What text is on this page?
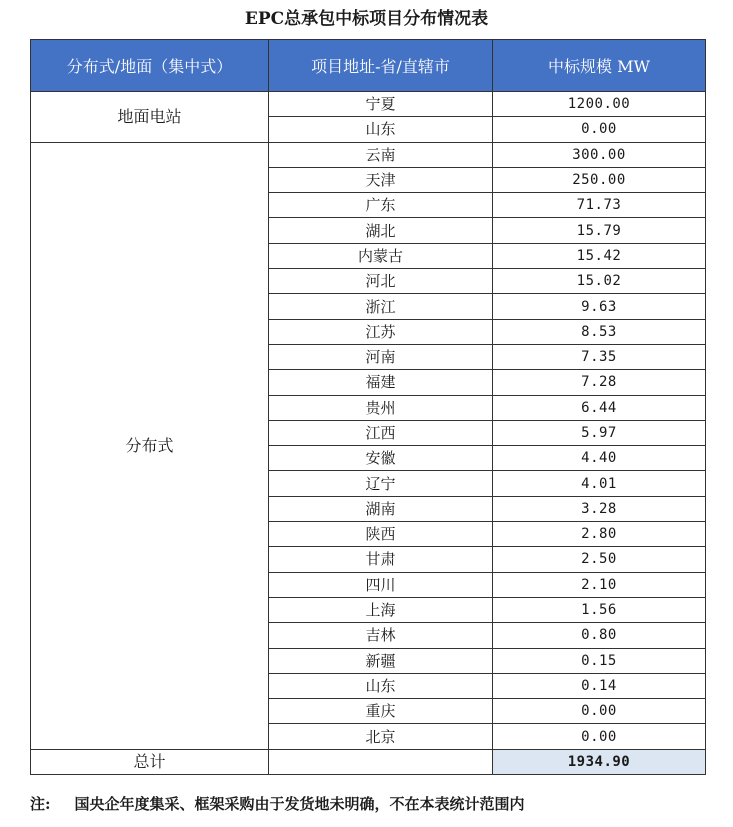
EPC总承包中标项目分布情况表
分布式/地面（集中式）	项目地址-省/直辖市	中标规模 MW
地面电站	宁夏	1200.00
	山东	0.00
分布式	云南	300.00
	天津	250.00
	广东	71.73
	湖北	15.79
	内蒙古	15.42
	河北	15.02
	浙江	9.63
	江苏	8.53
	河南	7.35
	福建	7.28
	贵州	6.44
	江西	5.97
	安徽	4.40
	辽宁	4.01
	湖南	3.28
	陕西	2.80
	甘肃	2.50
	四川	2.10
	上海	1.56
	吉林	0.80
	新疆	0.15
	山东	0.14
	重庆	0.00
	北京	0.00
总计		1934.90
注: 国央企年度集采、框架采购由于发货地未明确，不在本表统计范围内
